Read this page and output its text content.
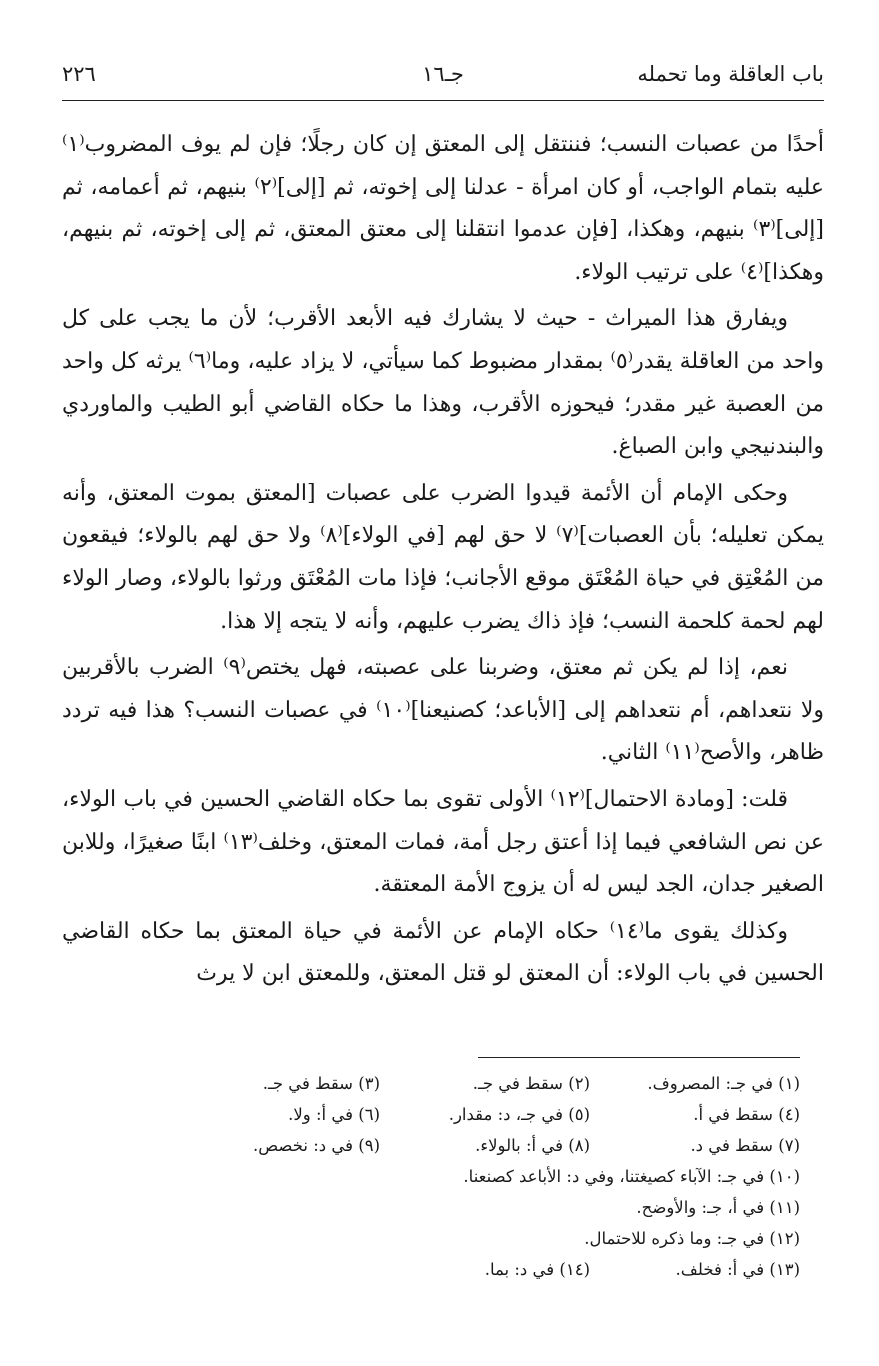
باب العاقلة وما تحمله
جـ١٦
٢٢٦

أحدًا من عصبات النسب؛ فننتقل إلى المعتق إن كان رجلًا؛ فإن لم يوف المضروب⁽١⁾ عليه بتمام الواجب، أو كان امرأة - عدلنا إلى إخوته، ثم [إلى]⁽٢⁾ بنيهم، ثم أعمامه، ثم [إلى]⁽٣⁾ بنيهم، وهكذا، [فإن عدموا انتقلنا إلى معتق المعتق، ثم إلى إخوته، ثم بنيهم، وهكذا]⁽٤⁾ على ترتيب الولاء.

ويفارق هذا الميراث - حيث لا يشارك فيه الأبعد الأقرب؛ لأن ما يجب على كل واحد من العاقلة يقدر⁽٥⁾ بمقدار مضبوط كما سيأتي، لا يزاد عليه، وما⁽٦⁾ يرثه كل واحد من العصبة غير مقدر؛ فيحوزه الأقرب، وهذا ما حكاه القاضي أبو الطيب والماوردي والبندنيجي وابن الصباغ.

وحكى الإمام أن الأئمة قيدوا الضرب على عصبات [المعتق بموت المعتق، وأنه يمكن تعليله؛ بأن العصبات]⁽٧⁾ لا حق لهم [في الولاء]⁽٨⁾ ولا حق لهم بالولاء؛ فيقعون من المُعْتِق في حياة المُعْتَق موقع الأجانب؛ فإذا مات المُعْتَق ورثوا بالولاء، وصار الولاء لهم لحمة كلحمة النسب؛ فإذ ذاك يضرب عليهم، وأنه لا يتجه إلا هذا.

نعم، إذا لم يكن ثم معتق، وضربنا على عصبته، فهل يختص⁽٩⁾ الضرب بالأقربين ولا نتعداهم، أم نتعداهم إلى [الأباعد؛ كصنيعنا]⁽١٠⁾ في عصبات النسب؟ هذا فيه تردد ظاهر، والأصح⁽١١⁾ الثاني.

قلت: [ومادة الاحتمال]⁽١٢⁾ الأولى تقوى بما حكاه القاضي الحسين في باب الولاء، عن نص الشافعي فيما إذا أعتق رجل أمة، فمات المعتق، وخلف⁽١٣⁾ ابنًا صغيرًا، وللابن الصغير جدان، الجد ليس له أن يزوج الأمة المعتقة.

وكذلك يقوى ما⁽١٤⁾ حكاه الإمام عن الأئمة في حياة المعتق بما حكاه القاضي الحسين في باب الولاء: أن المعتق لو قتل المعتق، وللمعتق ابن لا يرث

(١) في جـ: المصروف.
(٢) سقط في جـ.
(٣) سقط في جـ.
(٤) سقط في أ.
(٥) في جـ، د: مقدار.
(٦) في أ: ولا.
(٧) سقط في د.
(٨) في أ: بالولاء.
(٩) في د: نخصص.
(١٠) في جـ: الآباء كصيغتنا، وفي د: الأباعد كصنعنا.
(١١) في أ، جـ: والأوضح.
(١٢) في جـ: وما ذكره للاحتمال.
(١٣) في أ: فخلف.
(١٤) في د: بما.
